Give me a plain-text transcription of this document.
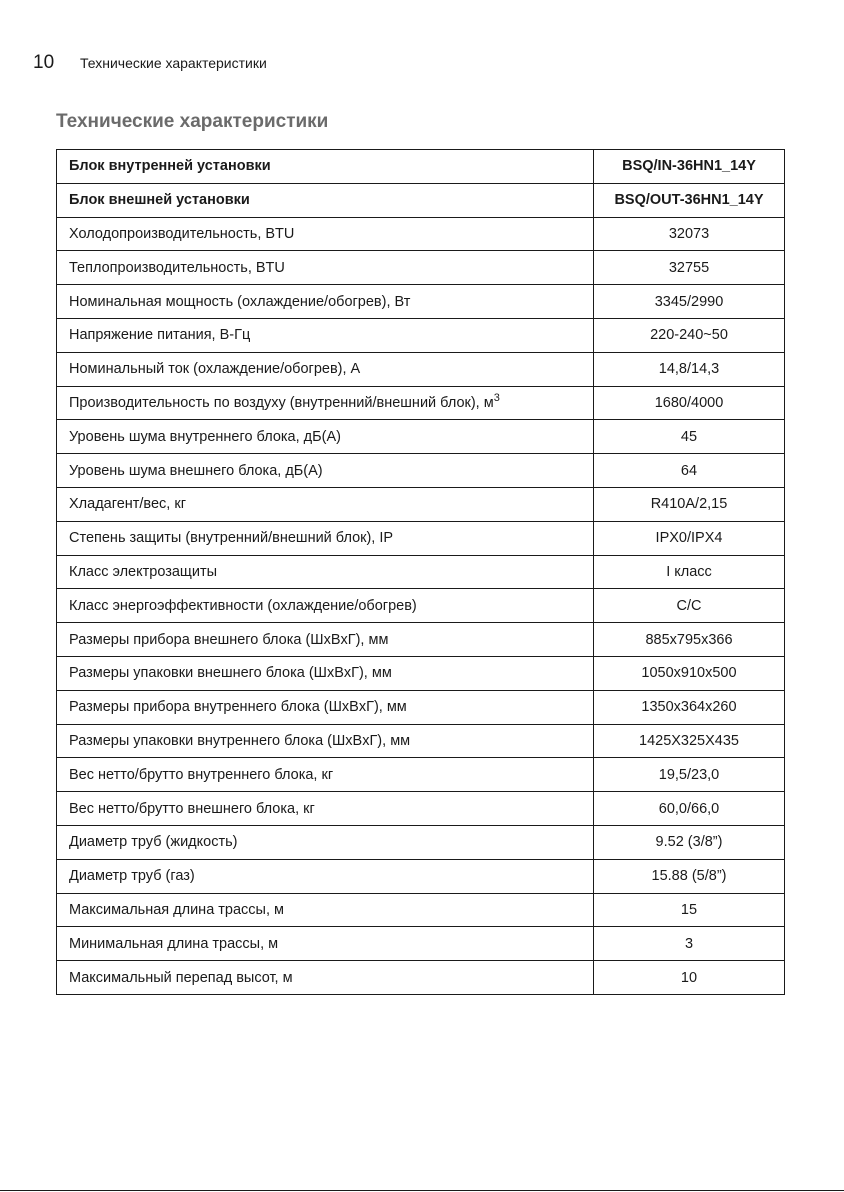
10	Технические характеристики
Технические характеристики
Блок внутренней установки	BSQ/IN-36HN1_14Y
Блок внешней установки	BSQ/OUT-36HN1_14Y
Холодопроизводительность, BTU	32073
Теплопроизводительность, BTU	32755
Номинальная мощность (охлаждение/обогрев), Вт	3345/2990
Напряжение питания, В-Гц	220-240~50
Номинальный ток (охлаждение/обогрев), А	14,8/14,3
Производительность по воздуху (внутренний/внешний блок), $м^3$	1680/4000
Уровень шума внутреннего блока, дБ(А)	45
Уровень шума внешнего блока, дБ(А)	64
Хладагент/вес, кг	R410A/2,15
Степень защиты (внутренний/внешний блок), IP	IPX0/IPX4
Класс электрозащиты	I класс
Класс энергоэффективности (охлаждение/обогрев)	C/C
Размеры прибора внешнего блока (ШxВxГ), мм	885x795x366
Размеры упаковки внешнего блока (ШxВxГ), мм	1050x910x500
Размеры прибора внутреннего блока (ШxВxГ), мм	1350x364x260
Размеры упаковки внутреннего блока (ШxВxГ), мм	1425X325X435
Вес нетто/брутто внутреннего блока, кг	19,5/23,0
Вес нетто/брутто внешнего блока, кг	60,0/66,0
Диаметр труб (жидкость)	9.52 (3/8”)
Диаметр труб (газ)	15.88 (5/8”)
Максимальная длина трассы, м	15
Минимальная длина трассы, м	3
Максимальный перепад высот, м	10
